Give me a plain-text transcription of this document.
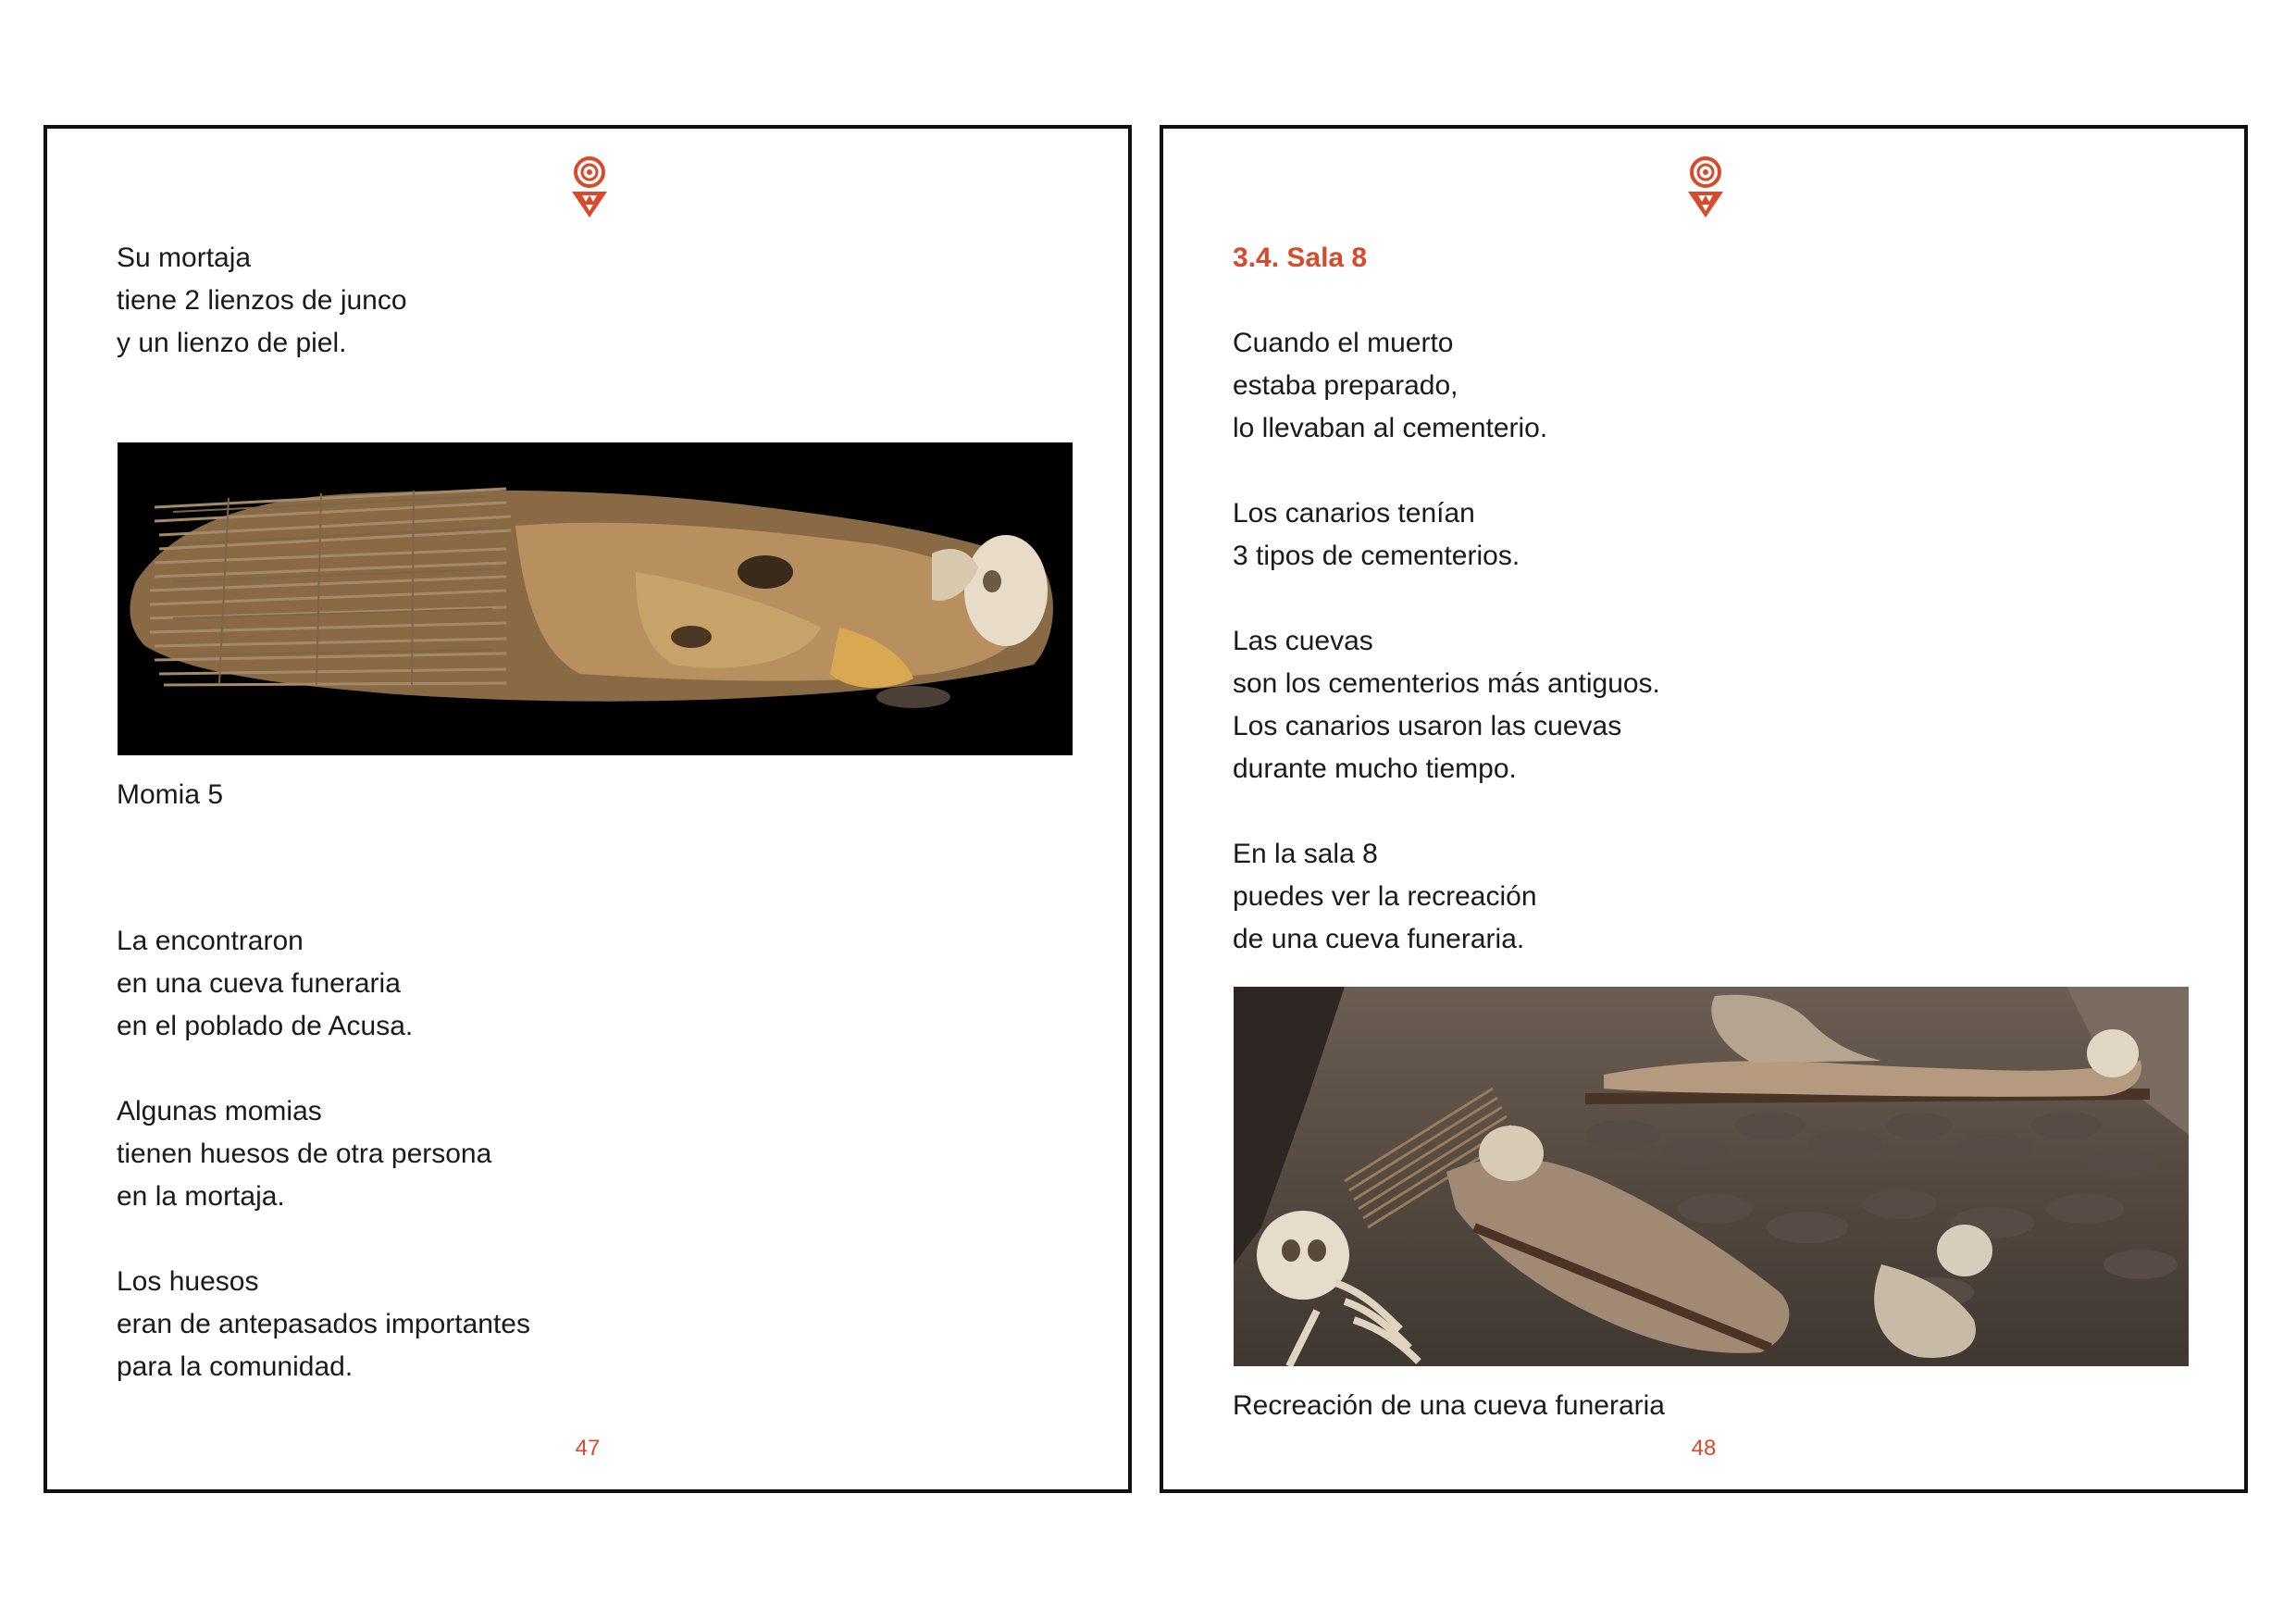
Su mortaja
tiene 2 lienzos de junco
y un lienzo de piel.
Momia 5
La encontraron
en una cueva funeraria
en el poblado de Acusa.
Algunas momias
tienen huesos de otra persona
en la mortaja.
Los huesos
eran de antepasados importantes
para la comunidad.
47
3.4. Sala 8
Cuando el muerto
estaba preparado,
lo llevaban al cementerio.
Los canarios tenían
3 tipos de cementerios.
Las cuevas
son los cementerios más antiguos.
Los canarios usaron las cuevas
durante mucho tiempo.
En la sala 8
puedes ver la recreación
de una cueva funeraria.
Recreación de una cueva funeraria
48
